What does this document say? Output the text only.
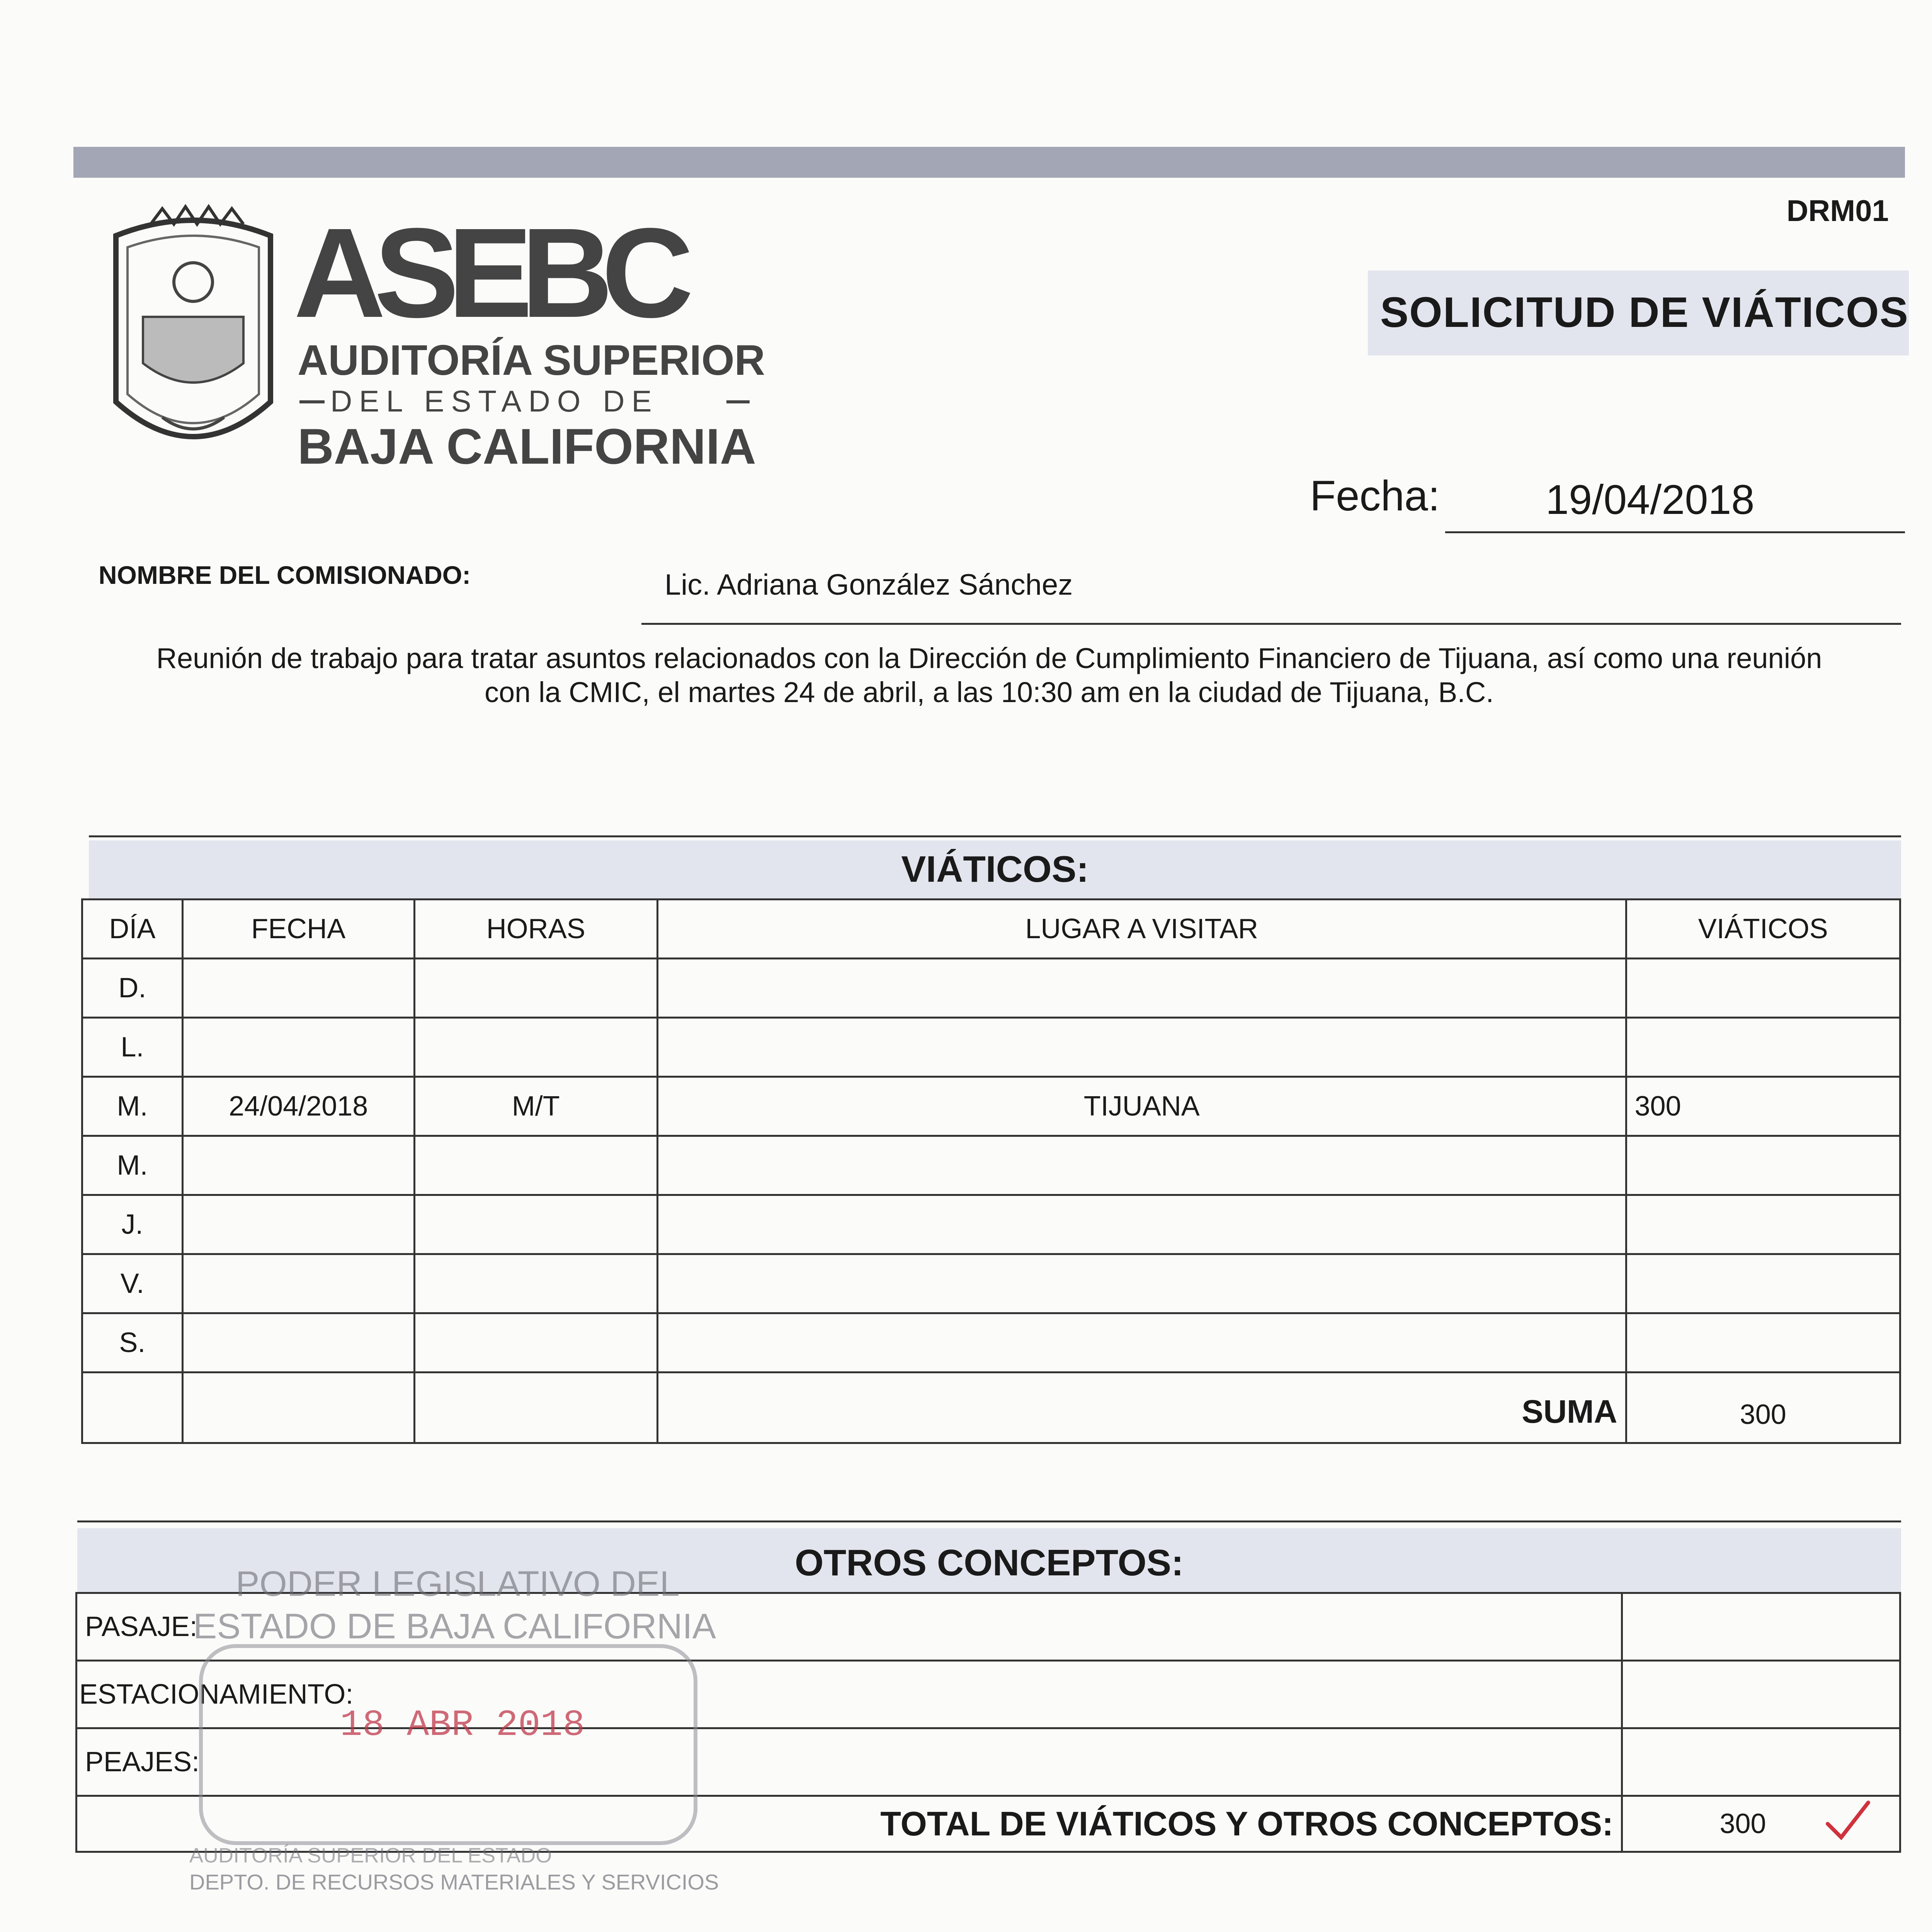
DRM01
SOLICITUD DE VIÁTICOS
ASEBC
AUDITORÍA SUPERIOR
DEL ESTADO DE
BAJA CALIFORNIA
Fecha:	19/04/2018
NOMBRE DEL COMISIONADO:	Lic. Adriana González Sánchez
Reunión de trabajo para tratar asuntos relacionados con la Dirección de Cumplimiento Financiero de Tijuana, así como una reunión
con la CMIC, el martes 24 de abril, a las 10:30 am en la ciudad de Tijuana, B.C.
VIÁTICOS:
DÍA	FECHA	HORAS	LUGAR A VISITAR	VIÁTICOS
D.				
L.				
M.	24/04/2018	M/T	TIJUANA	300
M.				
J.				
V.				
S.				
			SUMA	300
OTROS CONCEPTOS:
PASAJE:	
ESTACIONAMIENTO:	
PEAJES:	
TOTAL DE VIÁTICOS Y OTROS CONCEPTOS:	300
PODER LEGISLATIVO DEL
ESTADO DE BAJA CALIFORNIA
18 ABR 2018
AUDITORÍA SUPERIOR DEL ESTADO
DEPTO. DE RECURSOS MATERIALES Y SERVICIOS
